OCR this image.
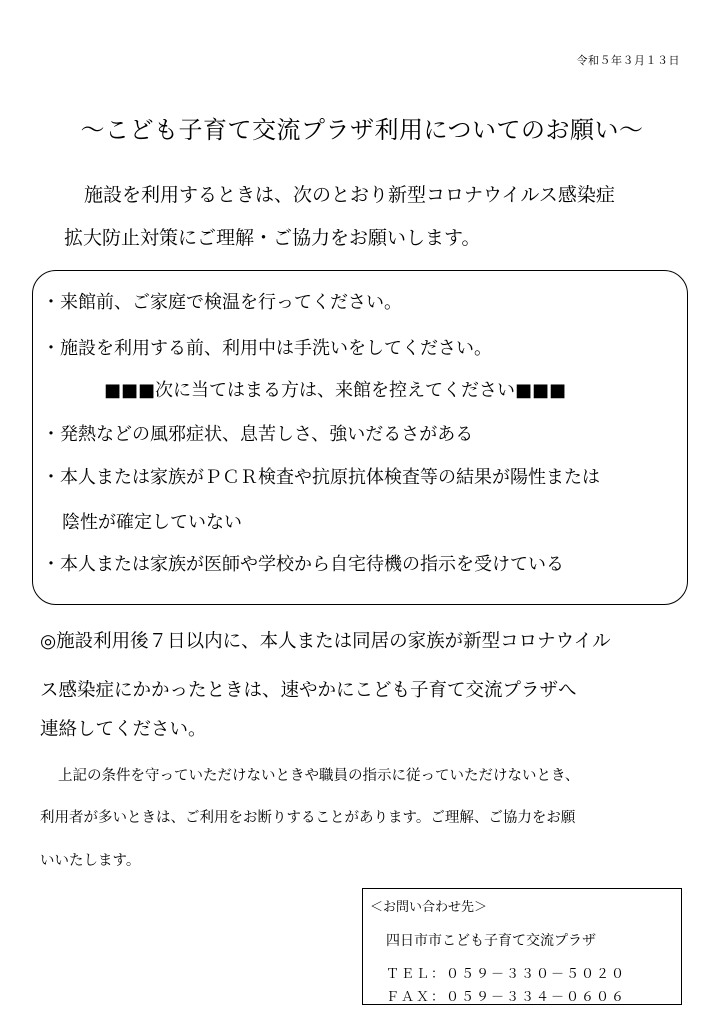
令和５年３月１３日
～こども子育て交流プラザ利用についてのお願い～
施設を利用するときは、次のとおり新型コロナウイルス感染症
拡大防止対策にご理解・ご協力をお願いします。
・来館前、ご家庭で検温を行ってください。
・施設を利用する前、利用中は手洗いをしてください。
■■■次に当てはまる方は、来館を控えてください■■■
・発熱などの風邪症状、息苦しさ、強いだるさがある
・本人または家族がＰＣＲ検査や抗原抗体検査等の結果が陽性または
陰性が確定していない
・本人または家族が医師や学校から自宅待機の指示を受けている
◎施設利用後７日以内に、本人または同居の家族が新型コロナウイル
ス感染症にかかったときは、速やかにこども子育て交流プラザへ
連絡してください。
上記の条件を守っていただけないときや職員の指示に従っていただけないとき、
利用者が多いときは、ご利用をお断りすることがあります。ご理解、ご協力をお願
いいたします。
＜お問い合わせ先＞
四日市市こども子育て交流プラザ
ＴＥＬ：０５９－３３０－５０２０
ＦＡＸ：０５９－３３４－０６０６
